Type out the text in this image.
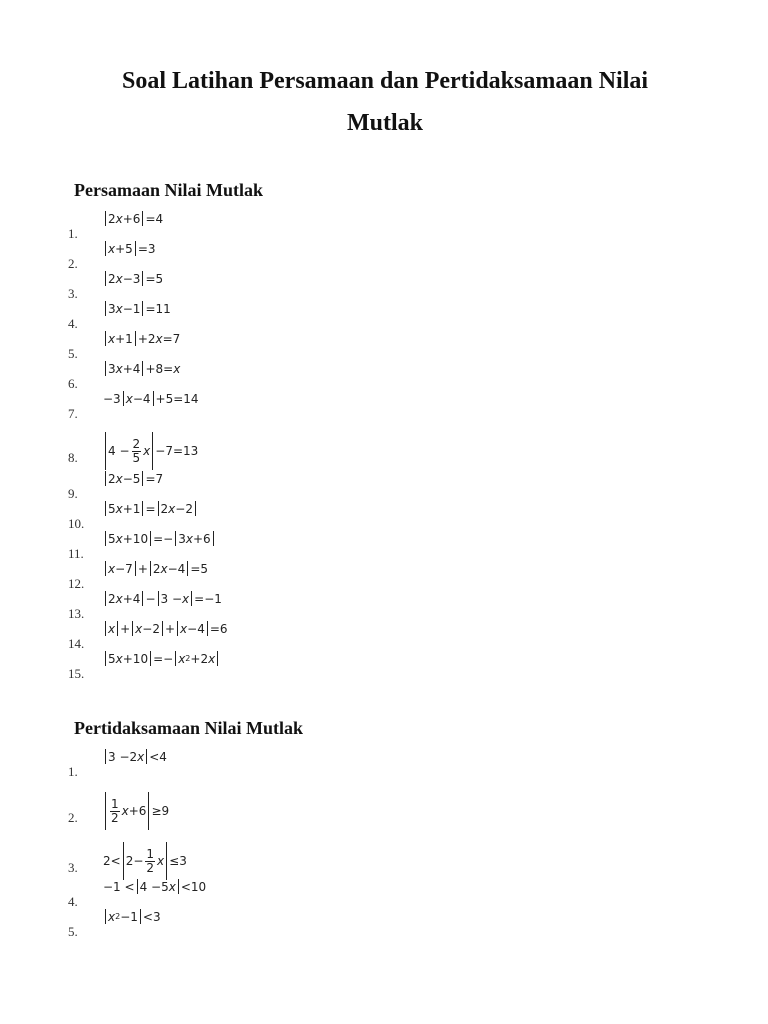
Soal Latihan Persamaan dan Pertidaksamaan Nilai
Mutlak
Persamaan Nilai Mutlak
1.
2 x +6 =4
2.
x +5 =3
3.
2 x −3 =5
4.
3 x −1 =11
5.
x +1
+2 x =7
6.
3 x +4
+8= x
7.
−3 x −4
+5=14
8.	$4 - \frac{2}{5}$ x −7=13
9.
2 x −5 =7
10.
5 x +1 = 2 x −2
11.
5 x +10 =− 3 x +6
12.
x −7
+
2 x −4 =5
13.
2 x +4 − 3 − x =−1
14.
x + x −2
+ x −4 =6
15.
5 x +10 =− x 2 +2 x
Pertidaksamaan Nilai Mutlak
1.
3 −2 x <4
2.	$\frac{1}{2}$ x +6 ≥9
3. $2< 2- \frac{1}{2}$ x ≤3
4.
−1 < 4 −5 x <10
5.
x 2 −1 <3
